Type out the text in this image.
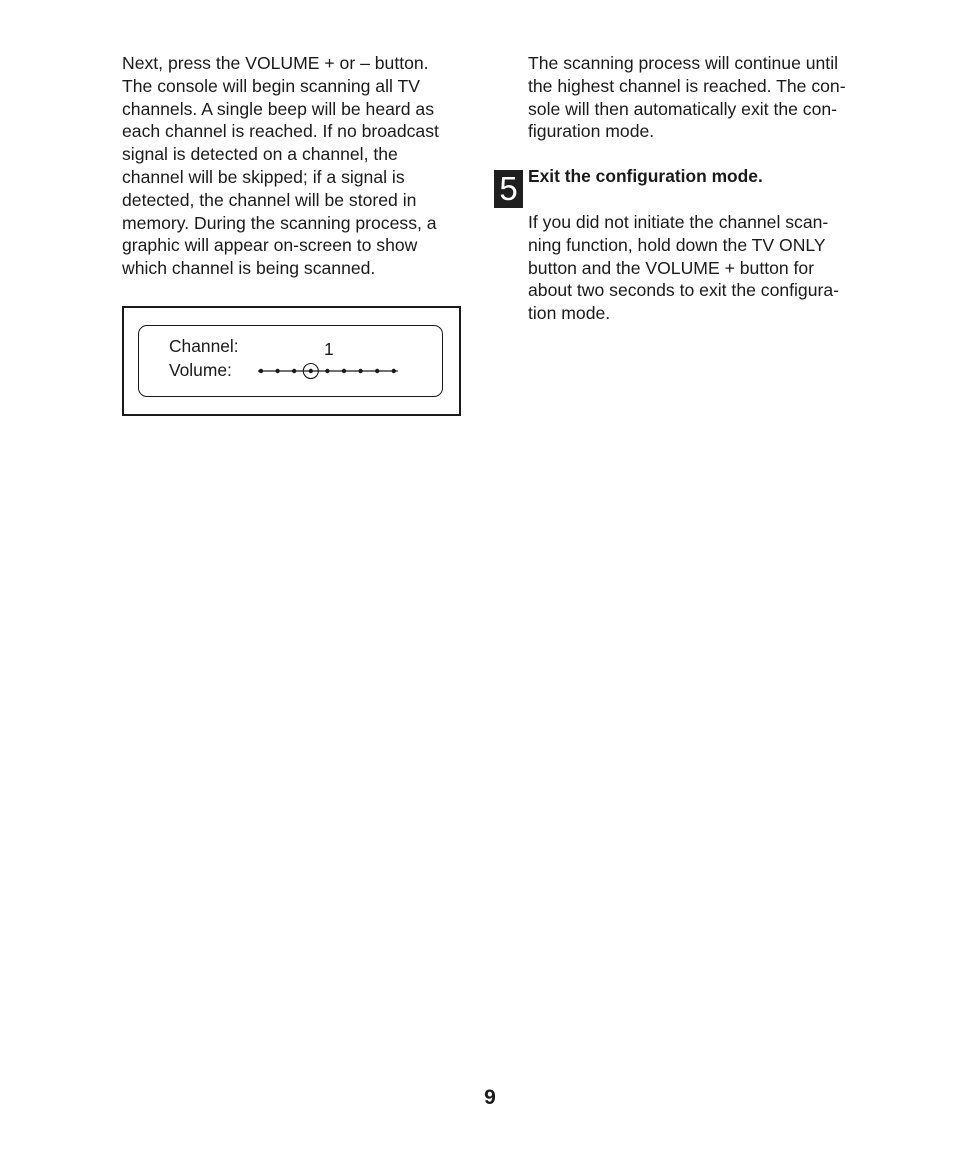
Next, press the VOLUME + or – button.
The console will begin scanning all TV
channels. A single beep will be heard as
each channel is reached. If no broadcast
signal is detected on a channel, the
channel will be skipped; if a signal is
detected, the channel will be stored in
memory. During the scanning process, a
graphic will appear on-screen to show
which channel is being scanned.

Channel:
Volume:
1

The scanning process will continue until
the highest channel is reached. The con-
sole will then automatically exit the con-
figuration mode.

5 Exit the configuration mode.

If you did not initiate the channel scan-
ning function, hold down the TV ONLY
button and the VOLUME + button for
about two seconds to exit the configura-
tion mode.

9
